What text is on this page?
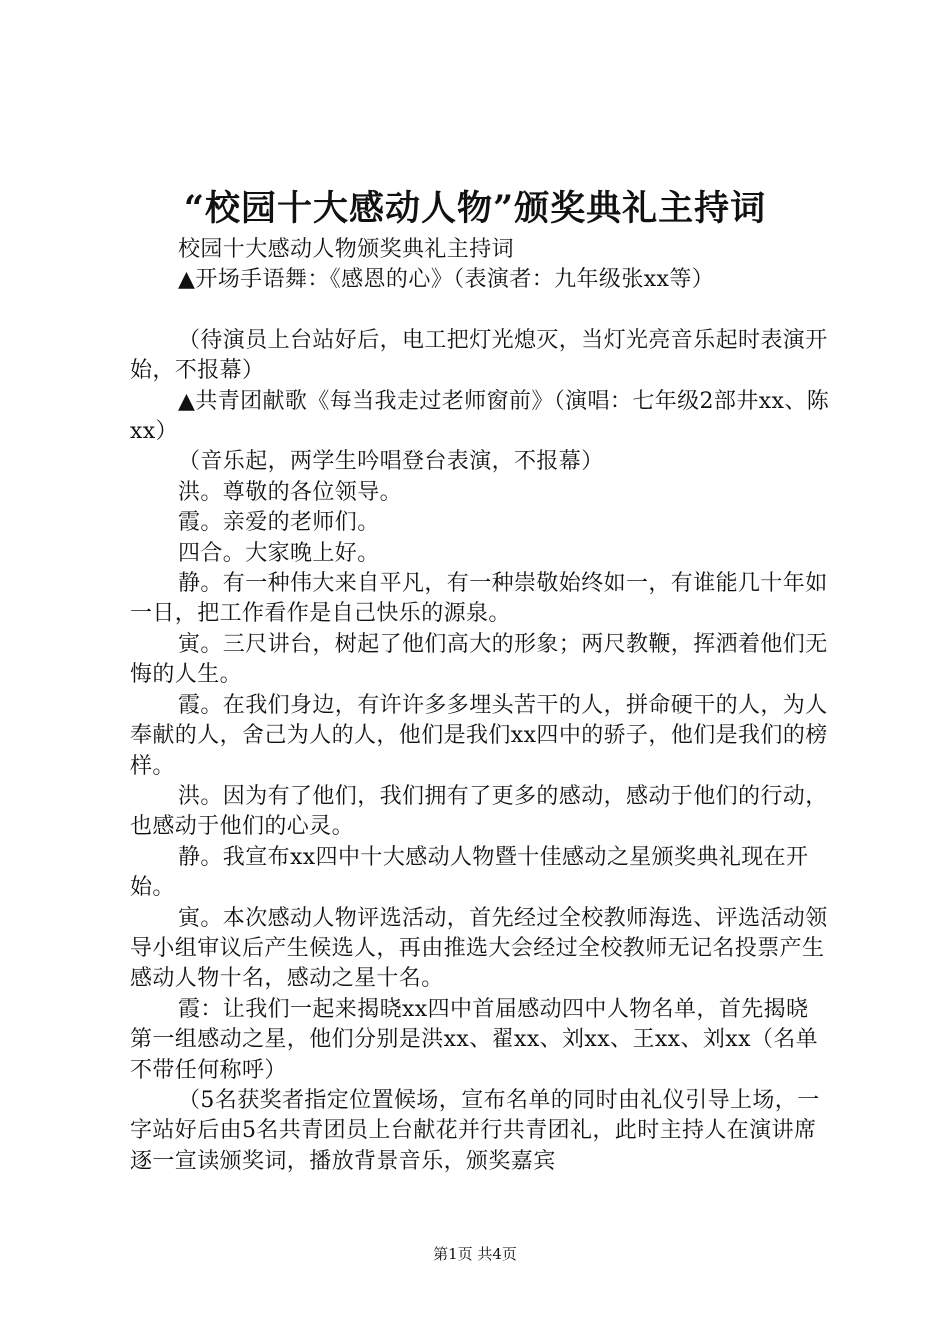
“校园十大感动人物”颁奖典礼主持词

校园十大感动人物颁奖典礼主持词

▲开场手语舞：《感恩的心》（表演者：九年级张xx等）

（待演员上台站好后，电工把灯光熄灭，当灯光亮音乐起时表演开始，不报幕）

▲共青团献歌《每当我走过老师窗前》（演唱：七年级2部井xx、陈xx）

（音乐起，两学生吟唱登台表演，不报幕）

洪。尊敬的各位领导。

霞。亲爱的老师们。

四合。大家晚上好。

静。有一种伟大来自平凡，有一种崇敬始终如一，有谁能几十年如一日，把工作看作是自己快乐的源泉。

寅。三尺讲台，树起了他们高大的形象；两尺教鞭，挥洒着他们无悔的人生。

霞。在我们身边，有许许多多埋头苦干的人，拼命硬干的人，为人奉献的人，舍己为人的人，他们是我们xx四中的骄子，他们是我们的榜样。

洪。因为有了他们，我们拥有了更多的感动，感动于他们的行动，也感动于他们的心灵。

静。我宣布xx四中十大感动人物暨十佳感动之星颁奖典礼现在开始。

寅。本次感动人物评选活动，首先经过全校教师海选、评选活动领导小组审议后产生候选人，再由推选大会经过全校教师无记名投票产生感动人物十名，感动之星十名。

霞：让我们一起来揭晓xx四中首届感动四中人物名单，首先揭晓第一组感动之星，他们分别是洪xx、翟xx、刘xx、王xx、刘xx（名单不带任何称呼）

（5名获奖者指定位置候场，宣布名单的同时由礼仪引导上场，一字站好后由5名共青团员上台献花并行共青团礼，此时主持人在演讲席逐一宣读颁奖词，播放背景音乐，颁奖嘉宾

第1页 共4页
